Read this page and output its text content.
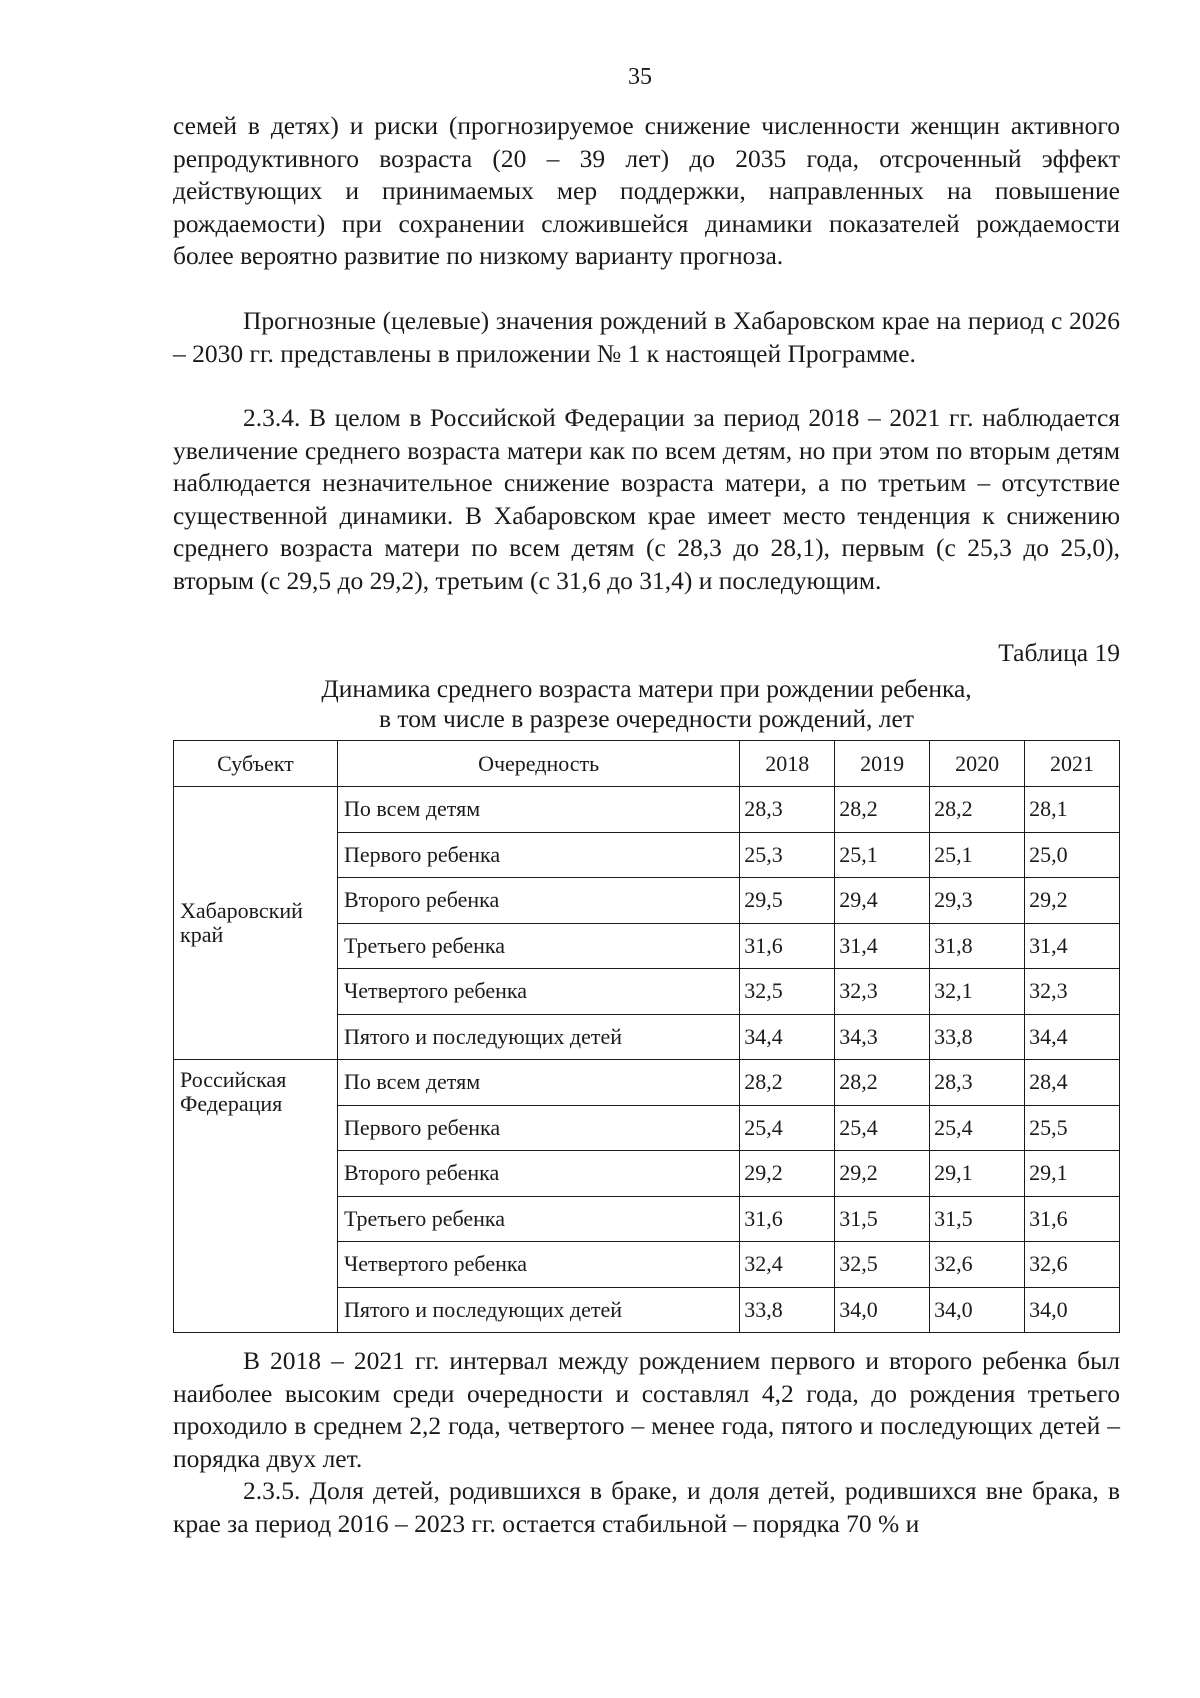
35

семей в детях) и риски (прогнозируемое снижение численности женщин активного репродуктивного возраста (20 – 39 лет) до 2035 года, отсроченный эффект действующих и принимаемых мер поддержки, направленных на повышение рождаемости) при сохранении сложившейся динамики показателей рождаемости более вероятно развитие по низкому варианту прогноза.

Прогнозные (целевые) значения рождений в Хабаровском крае на период с 2026 – 2030 гг. представлены в приложении № 1 к настоящей Программе.

2.3.4. В целом в Российской Федерации за период 2018 – 2021 гг. наблюдается увеличение среднего возраста матери как по всем детям, но при этом по вторым детям наблюдается незначительное снижение возраста матери, а по третьим – отсутствие существенной динамики. В Хабаровском крае имеет место тенденция к снижению среднего возраста матери по всем детям (с 28,3 до 28,1), первым (с 25,3 до 25,0), вторым (с 29,5 до 29,2), третьим (с 31,6 до 31,4) и последующим.

Таблица 19
Динамика среднего возраста матери при рождении ребенка,
в том числе в разрезе очередности рождений, лет
Субъект	Очередность	2018	2019	2020	2021

Хабаровский
край	По всем детям	28,3	28,2	28,2	28,1
	Первого ребенка	25,3	25,1	25,1	25,0
	Второго ребенка	29,5	29,4	29,3	29,2
	Третьего ребенка	31,6	31,4	31,8	31,4
	Четвертого ребенка	32,5	32,3	32,1	32,3
	Пятого и последующих детей	34,4	34,3	33,8	34,4

Российская
Федерация	По всем детям	28,2	28,2	28,3	28,4
	Первого ребенка	25,4	25,4	25,4	25,5
	Второго ребенка	29,2	29,2	29,1	29,1
	Третьего ребенка	31,6	31,5	31,5	31,6
	Четвертого ребенка	32,4	32,5	32,6	32,6
	Пятого и последующих детей	33,8	34,0	34,0	34,0

В 2018 – 2021 гг. интервал между рождением первого и второго ребенка был наиболее высоким среди очередности и составлял 4,2 года, до рождения третьего проходило в среднем 2,2 года, четвертого – менее года, пятого и последующих детей – порядка двух лет.

2.3.5. Доля детей, родившихся в браке, и доля детей, родившихся вне брака, в крае за период 2016 – 2023 гг. остается стабильной – порядка 70 % и
